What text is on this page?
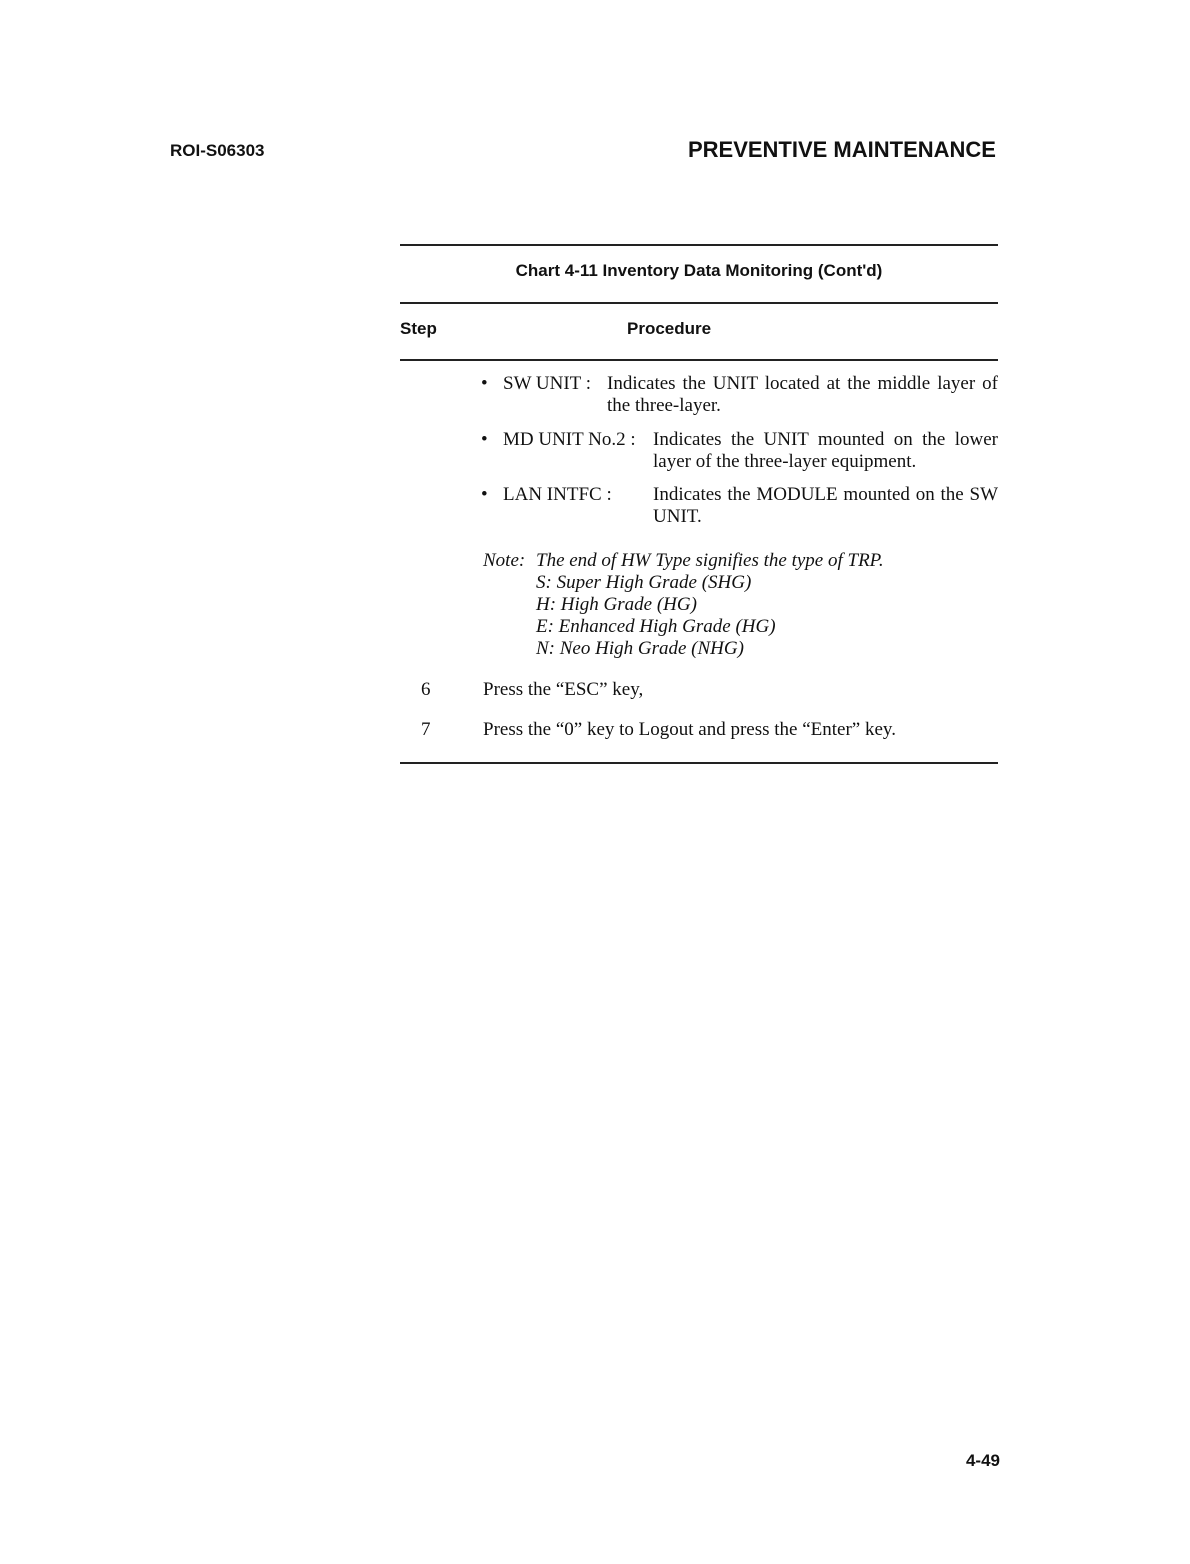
ROI-S06303	PREVENTIVE MAINTENANCE
Chart 4-11 Inventory Data Monitoring (Cont'd)
Step	Procedure
• SW UNIT : Indicates the UNIT located at the middle layer of the three-layer.
• MD UNIT No.2 : Indicates the UNIT mounted on the lower layer of the three-layer equipment.
• LAN INTFC : Indicates the MODULE mounted on the SW UNIT.
Note: The end of HW Type signifies the type of TRP.
S: Super High Grade (SHG)
H: High Grade (HG)
E: Enhanced High Grade (HG)
N: Neo High Grade (NHG)
6	Press the “ESC” key,
7	Press the “0” key to Logout and press the “Enter” key.
4-49
